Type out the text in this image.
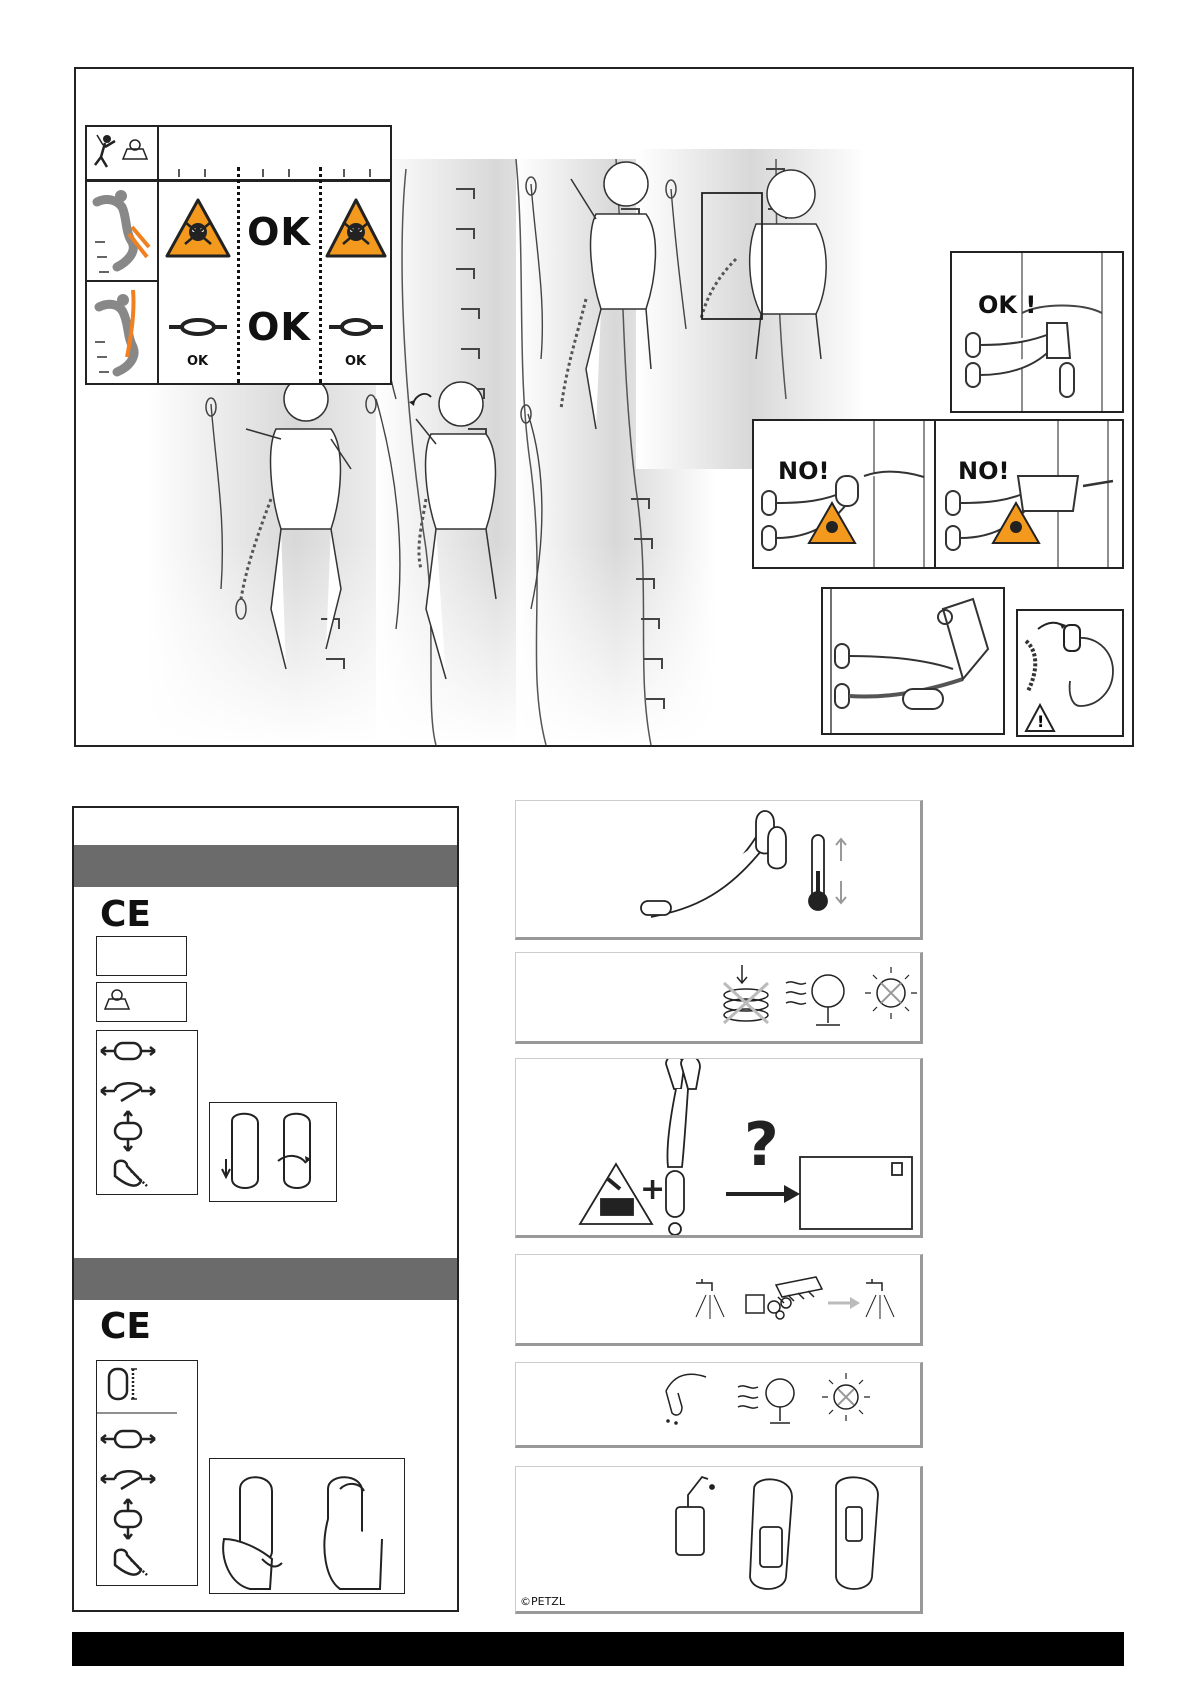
OK
OK
OK
OK
OK !
NO!	NO!
!
CE
CE
+
?
©PETZL
